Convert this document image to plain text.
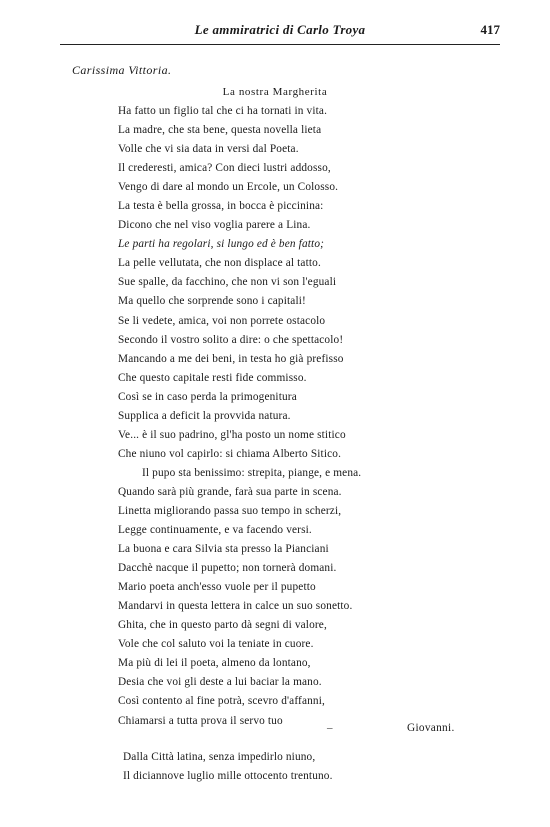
Le ammiratrici di Carlo Troya	417
Carissima Vittoria.
La nostra Margherita
Ha fatto un figlio tal che ci ha tornati in vita.
La madre, che sta bene, questa novella lieta
Volle che vi sia data in versi dal Poeta.
Il crederesti, amica? Con dieci lustri addosso,
Vengo di dare al mondo un Ercole, un Colosso.
La testa è bella grossa, in bocca è piccinina:
Dicono che nel viso voglia parere a Lina.
Le parti ha regolari, si lungo ed è ben fatto;
La pelle vellutata, che non displace al tatto.
Sue spalle, da facchino, che non vi son l'eguali
Ma quello che sorprende sono i capitali!
Se li vedete, amica, voi non porrete ostacolo
Secondo il vostro solito a dire: o che spettacolo!
Mancando a me dei beni, in testa ho già prefisso
Che questo capitale resti fide commisso.
Così se in caso perda la primogenitura
Supplica a deficit la provvida natura.
Ve... è il suo padrino, gl'ha posto un nome stitico
Che niuno vol capirlo: si chiama Alberto Sitico.
Il pupo sta benissimo: strepita, piange, e mena.
Quando sarà più grande, farà sua parte in scena.
Linetta migliorando passa suo tempo in scherzi,
Legge continuamente, e va facendo versi.
La buona e cara Silvia sta presso la Pianciani
Dacchè nacque il pupetto; non tornerà domani.
Mario poeta anch'esso vuole per il pupetto
Mandarvi in questa lettera in calce un suo sonetto.
Ghita, che in questo parto dà segni di valore,
Vole che col saluto voi la teniate in cuore.
Ma più di lei il poeta, almeno da lontano,
Desia che voi gli deste a lui baciar la mano.
Così contento al fine potrà, scevro d'affanni,
Chiamarsi a tutta prova il servo tuo
–	Giovanni.
Dalla Città latina, senza impedirlo niuno,
Il diciannove luglio mille ottocento trentuno.
